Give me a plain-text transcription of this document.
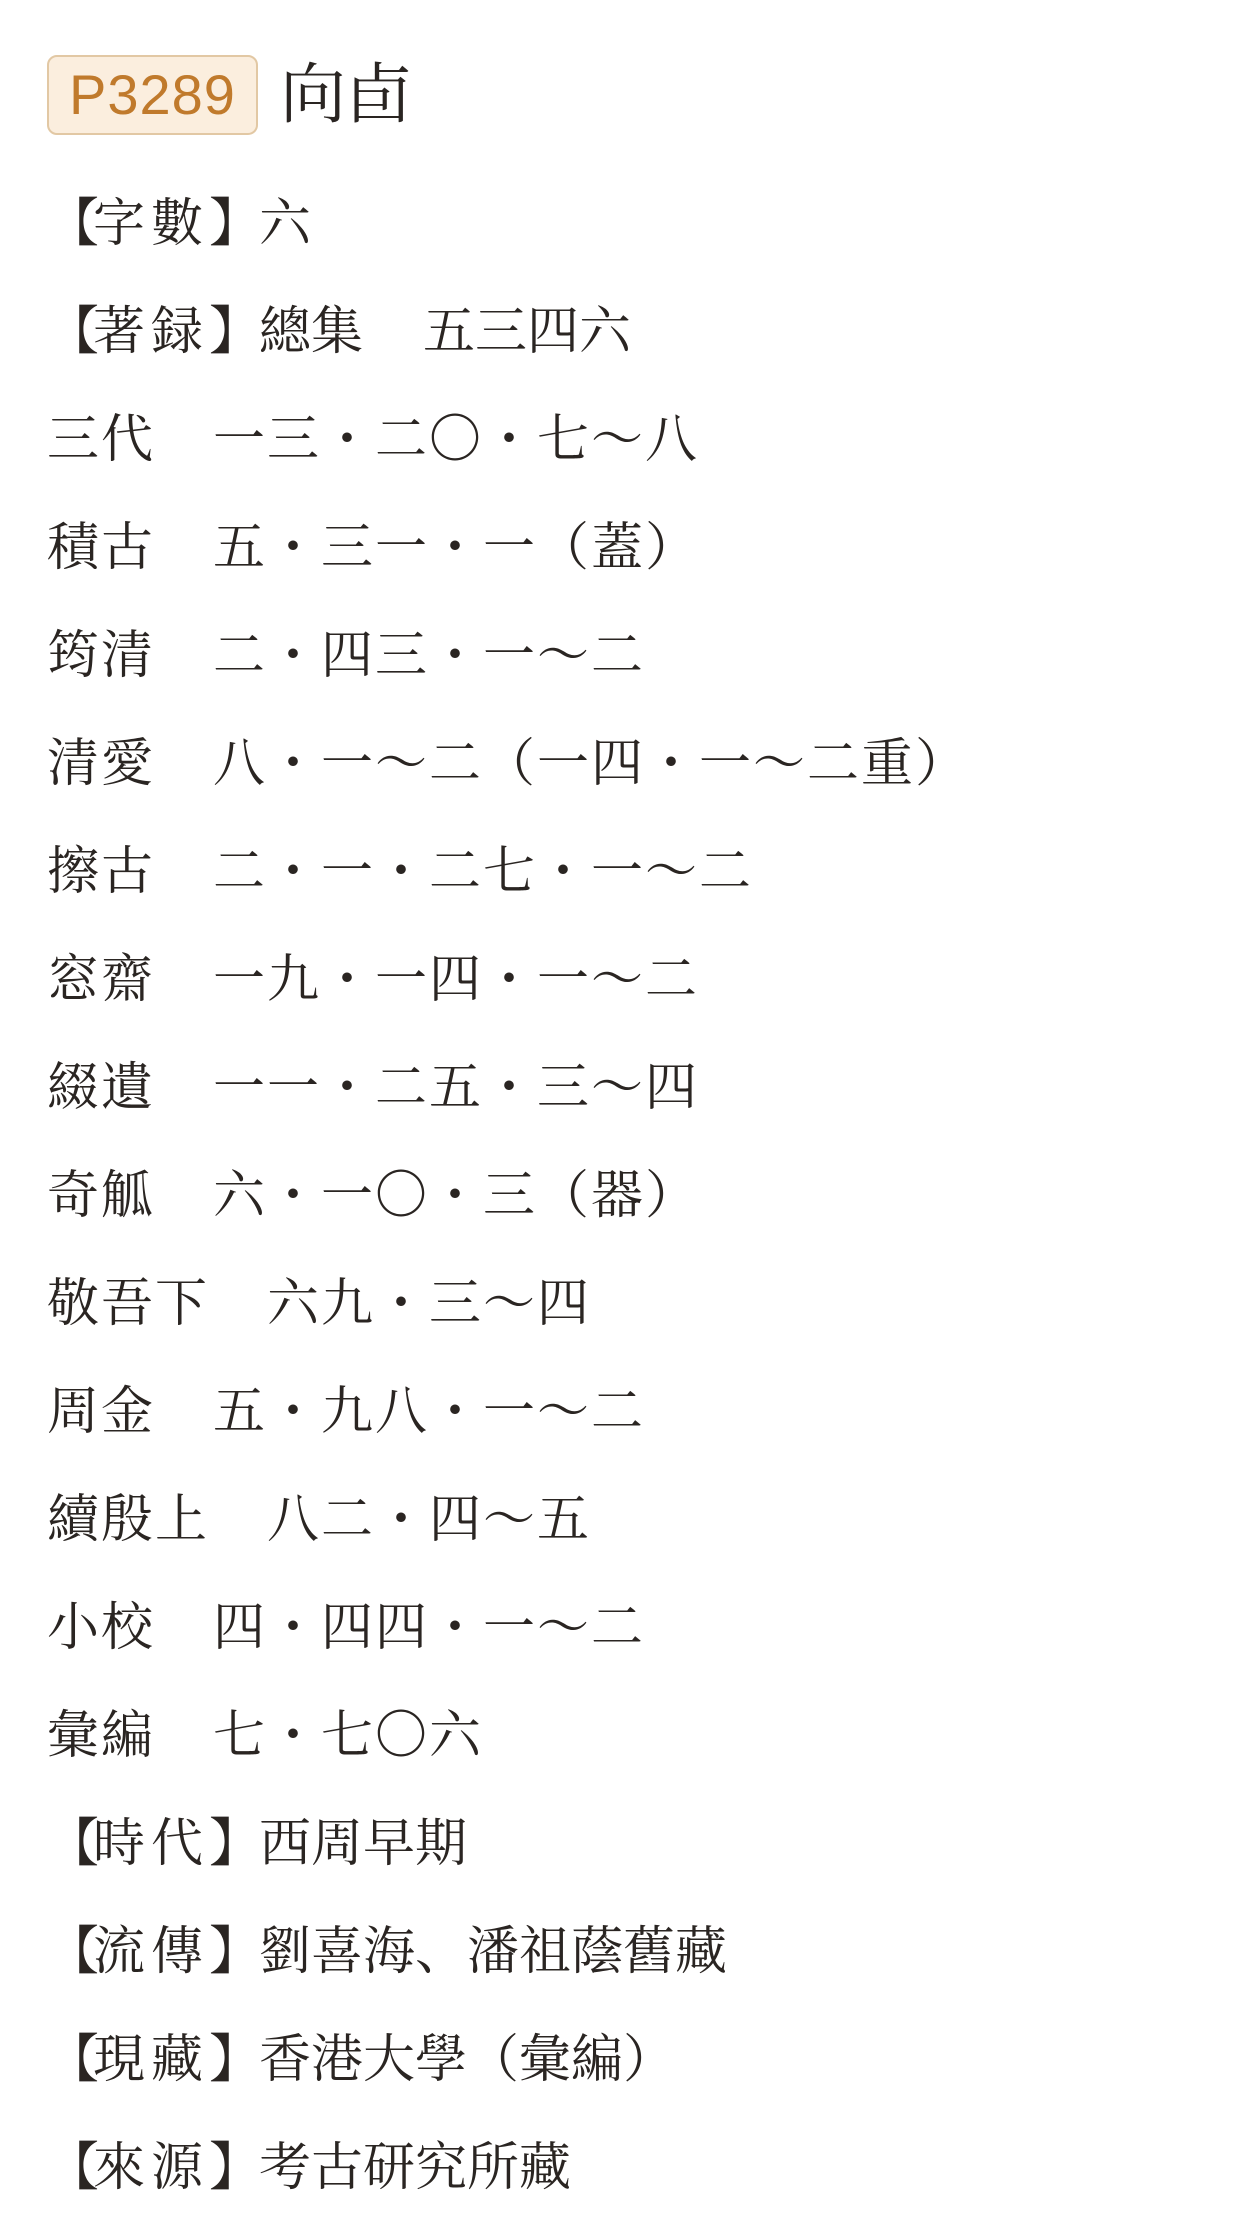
P3289 向卣
【
字數 】
六
【
著録 】
總集 五三四六
三代 一三・二〇・七～八
積古 五・三一・一（蓋）
筠清 二・四三・一～二
清愛 八・一～二（一四・一～二重）
擦古 二・一・二七・一～二
窓齋 一九・一四・一～二
綴遺 一一・二五・三～四
奇觚 六・一〇・三（器）
敬吾下 六九・三～四
周金 五・九八・一～二
續殷上 八二・四～五
小校 四・四四・一～二
彙編 七・七〇六
【
時代 】
西周早期
【
流傳 】
劉喜海、潘祖蔭舊藏
【
現藏 】
香港大學（彙編）
【
來源 】
考古研究所藏
